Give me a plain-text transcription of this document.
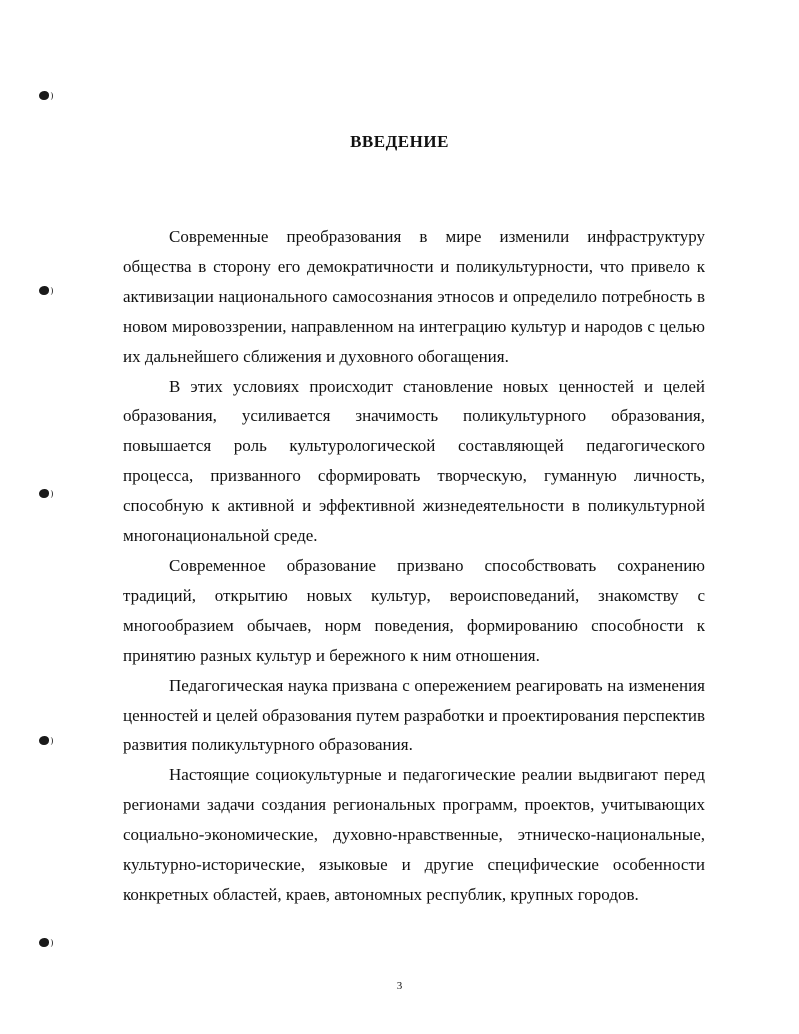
ВВЕДЕНИЕ

Современные преобразования в мире изменили инфраструктуру общества в сторону его демократичности и поликультурности, что привело к активизации национального самосознания этносов и определило потребность в новом мировоззрении, направленном на интеграцию культур и народов с целью их дальнейшего сближения и духовного обогащения.

В этих условиях происходит становление новых ценностей и целей образования, усиливается значимость поликультурного образования, повышается роль культурологической составляющей педагогического процесса, призванного сформировать творческую, гуманную личность, способную к активной и эффективной жизнедеятельности в поликультурной многонациональной среде.

Современное образование призвано способствовать сохранению традиций, открытию новых культур, вероисповеданий, знакомству с многообразием обычаев, норм поведения, формированию способности к принятию разных культур и бережного к ним отношения.

Педагогическая наука призвана с опережением реагировать на изменения ценностей и целей образования путем разработки и проектирования перспектив развития поликультурного образования.

Настоящие социокультурные и педагогические реалии выдвигают перед регионами задачи создания региональных программ, проектов, учитывающих социально-экономические, духовно-нравственные, этническо-национальные, культурно-исторические, языковые и другие специфические особенности конкретных областей, краев, автономных республик, крупных городов.

3
